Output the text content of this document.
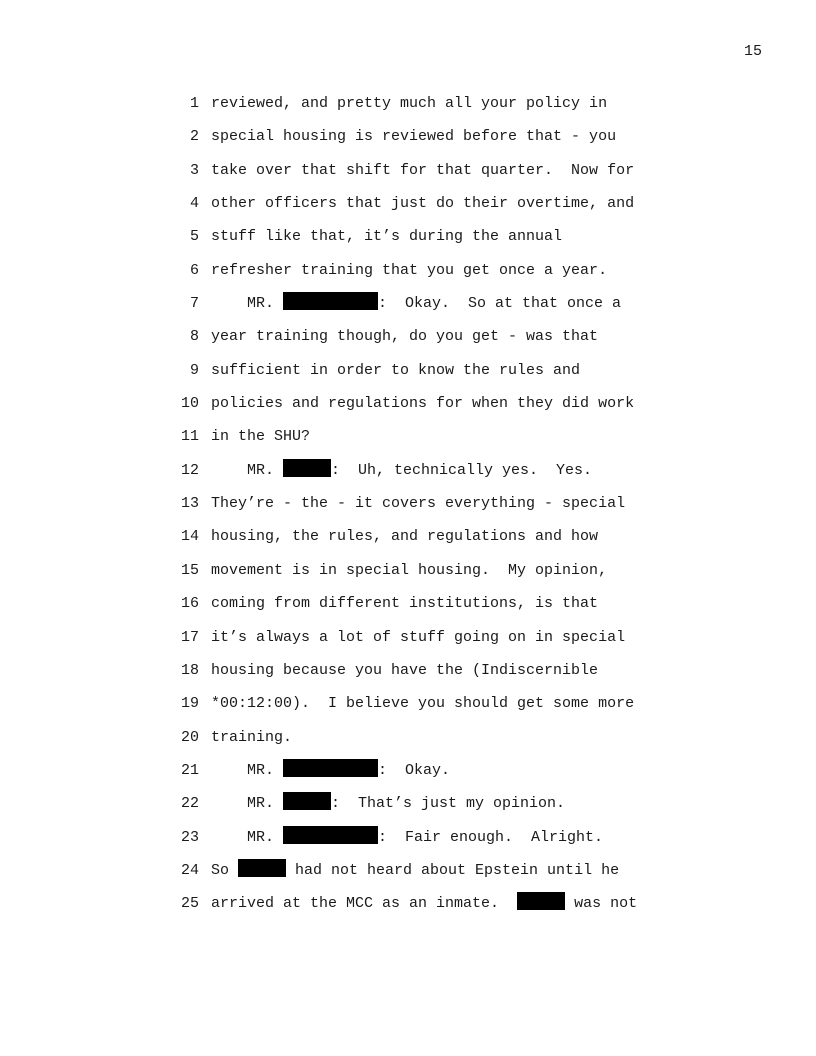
15
1 reviewed, and pretty much all your policy in
2 special housing is reviewed before that - you
3 take over that shift for that quarter.  Now for
4 other officers that just do their overtime, and
5 stuff like that, it’s during the annual
6 refresher training that you get once a year.
7 MR.	:  Okay.  So at that once a
8 year training though, do you get - was that
9 sufficient in order to know the rules and
10 policies and regulations for when they did work
11 in the SHU?
12 MR.	:  Uh, technically yes.  Yes.
13 They’re - the - it covers everything - special
14 housing, the rules, and regulations and how
15 movement is in special housing.  My opinion,
16 coming from different institutions, is that
17 it’s always a lot of stuff going on in special
18 housing because you have the (Indiscernible
19 *00:12:00).  I believe you should get some more
20 training.
21 MR.	:  Okay.
22 MR.	:  That’s just my opinion.
23 MR.	:  Fair enough.  Alright.
24 So	had not heard about Epstein until he
25 arrived at the MCC as an inmate.	was not
